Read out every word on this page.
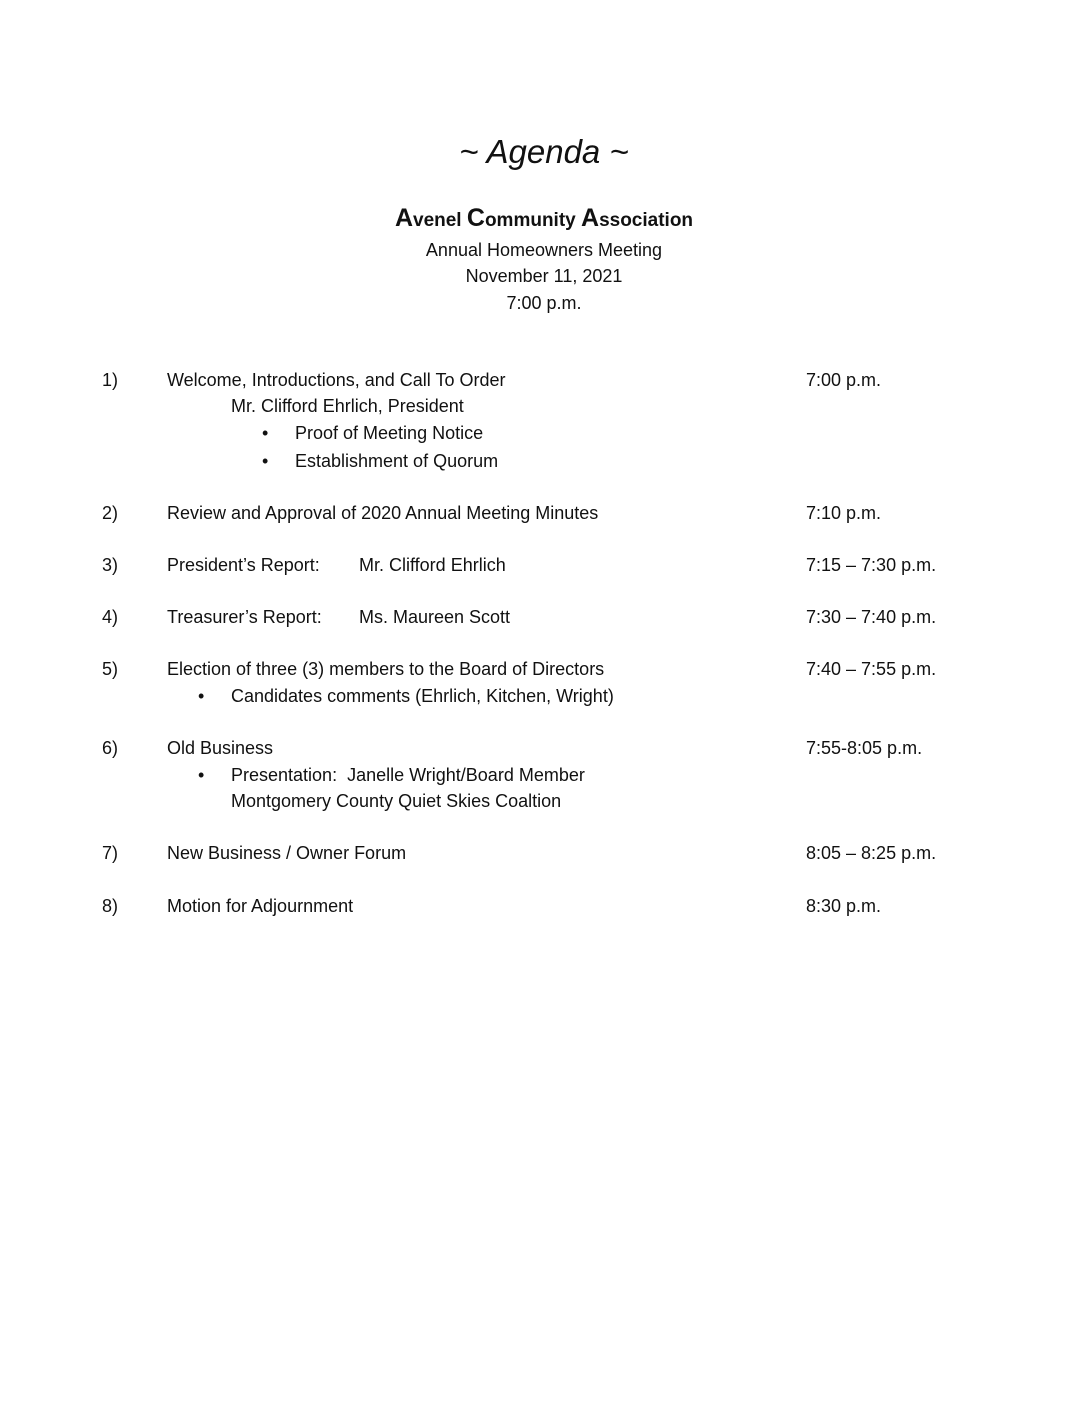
~ Agenda ~
Avenel Community Association
Annual Homeowners Meeting
November 11, 2021
7:00 p.m.
1)	Welcome, Introductions, and Call To Order	7:00 p.m.
Mr. Clifford Ehrlich, President
• Proof of Meeting Notice
• Establishment of Quorum
2)	Review and Approval of 2020 Annual Meeting Minutes	7:10 p.m.
3)	President’s Report: Mr. Clifford Ehrlich	7:15 – 7:30 p.m.
4)	Treasurer’s Report: Ms. Maureen Scott	7:30 – 7:40 p.m.
5)	Election of three (3) members to the Board of Directors	7:40 – 7:55 p.m.
• Candidates comments (Ehrlich, Kitchen, Wright)
6)	Old Business	7:55-8:05 p.m.
• Presentation:  Janelle Wright/Board Member
Montgomery County Quiet Skies Coaltion
7)	New Business / Owner Forum	8:05 – 8:25 p.m.
8)	Motion for Adjournment	8:30 p.m.
